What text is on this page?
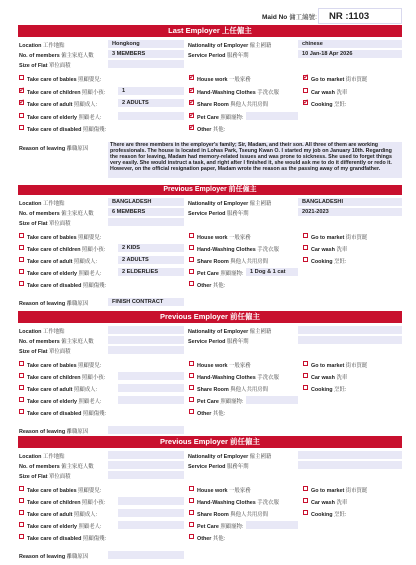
Maid No 傭工編號:	NR :1103
Last Employer 上任僱主
Location 工作地點	Hongkong	Nationality of Employer 僱主國籍	chinese
No. of members 僱主家庭人數	3 MEMBERS	Service Period 服務年期	10 Jan-18 Apr 2026
Size of Flat 單位面積
Take care of babies 照顧嬰兒:
✓ Take care of children 照顧小孩:	1
✓ Take care of adult 照顧成人:	2 ADULTS
Take care of elderly 照顧老人:
Take care of disabled 照顧傷殘:
✓ House work 一般家務
✓ Hand-Washing Clothes 手洗衣服
✓ Share Room 與他人共用房間
✓ Pet Care 照顧寵物:
✓ Other 其他:
✓ Go to market 街市買餸
Car wash 洗車
✓ Cooking 烹飪:
Reason of leaving 離職原因
There are three members in the employer's family; Sir, Madam, and their son. All three of them are working professionals. The house is located in Lohas Park, Tseung Kwan O. I started my job on January 10th. Regarding the reason for leaving, Madam had memory-related issues and was prone to sickness. She used to forget things very easily. She would instruct a task, and right after I finished it, she would ask me to do it differently or redo it. However, on the official resignation paper, Madam wrote the reason as the passing away of my grandfather.
Previous Employer 前任僱主
Location 工作地點	BANGLADESH	Nationality of Employer 僱主國籍	BANGLADESHI
No. of members 僱主家庭人數	6 MEMBERS	Service Period 服務年期	2021-2023
Size of Flat 單位面積
Take care of babies 照顧嬰兒:
Take care of children 照顧小孩:	2 KIDS
Take care of adult 照顧成人:	2 ADULTS
Take care of elderly 照顧老人:	2 ELDERLIES
Take care of disabled 照顧傷殘:
House work 一般家務
Hand-Washing Clothes 手洗衣服
Share Room 與他人共用房間
Pet Care 照顧寵物: 1 Dog & 1 cat
Other 其他:
Go to market 街市買餸
Car wash 洗車
Cooking 烹飪:
Reason of leaving 離職原因	FINISH CONTRACT
Previous Employer 前任僱主
Location 工作地點	Nationality of Employer 僱主國籍
No. of members 僱主家庭人數	Service Period 服務年期
Size of Flat 單位面積
Take care of babies 照顧嬰兒:
Take care of children 照顧小孩:
Take care of adult 照顧成人:
Take care of elderly 照顧老人:
Take care of disabled 照顧傷殘:
House work 一般家務
Hand-Washing Clothes 手洗衣服
Share Room 與他人共用房間
Pet Care 照顧寵物:
Other 其他:
Go to market 街市買餸
Car wash 洗車
Cooking 烹飪:
Reason of leaving 離職原因
Previous Employer 前任僱主
Location 工作地點	Nationality of Employer 僱主國籍
No. of members 僱主家庭人數	Service Period 服務年期
Size of Flat 單位面積
Take care of babies 照顧嬰兒:
Take care of children 照顧小孩:
Take care of adult 照顧成人:
Take care of elderly 照顧老人:
Take care of disabled 照顧傷殘:
House work 一般家務
Hand-Washing Clothes 手洗衣服
Share Room 與他人共用房間
Pet Care 照顧寵物:
Other 其他:
Go to market 街市買餸
Car wash 洗車
Cooking 烹飪:
Reason of leaving 離職原因
